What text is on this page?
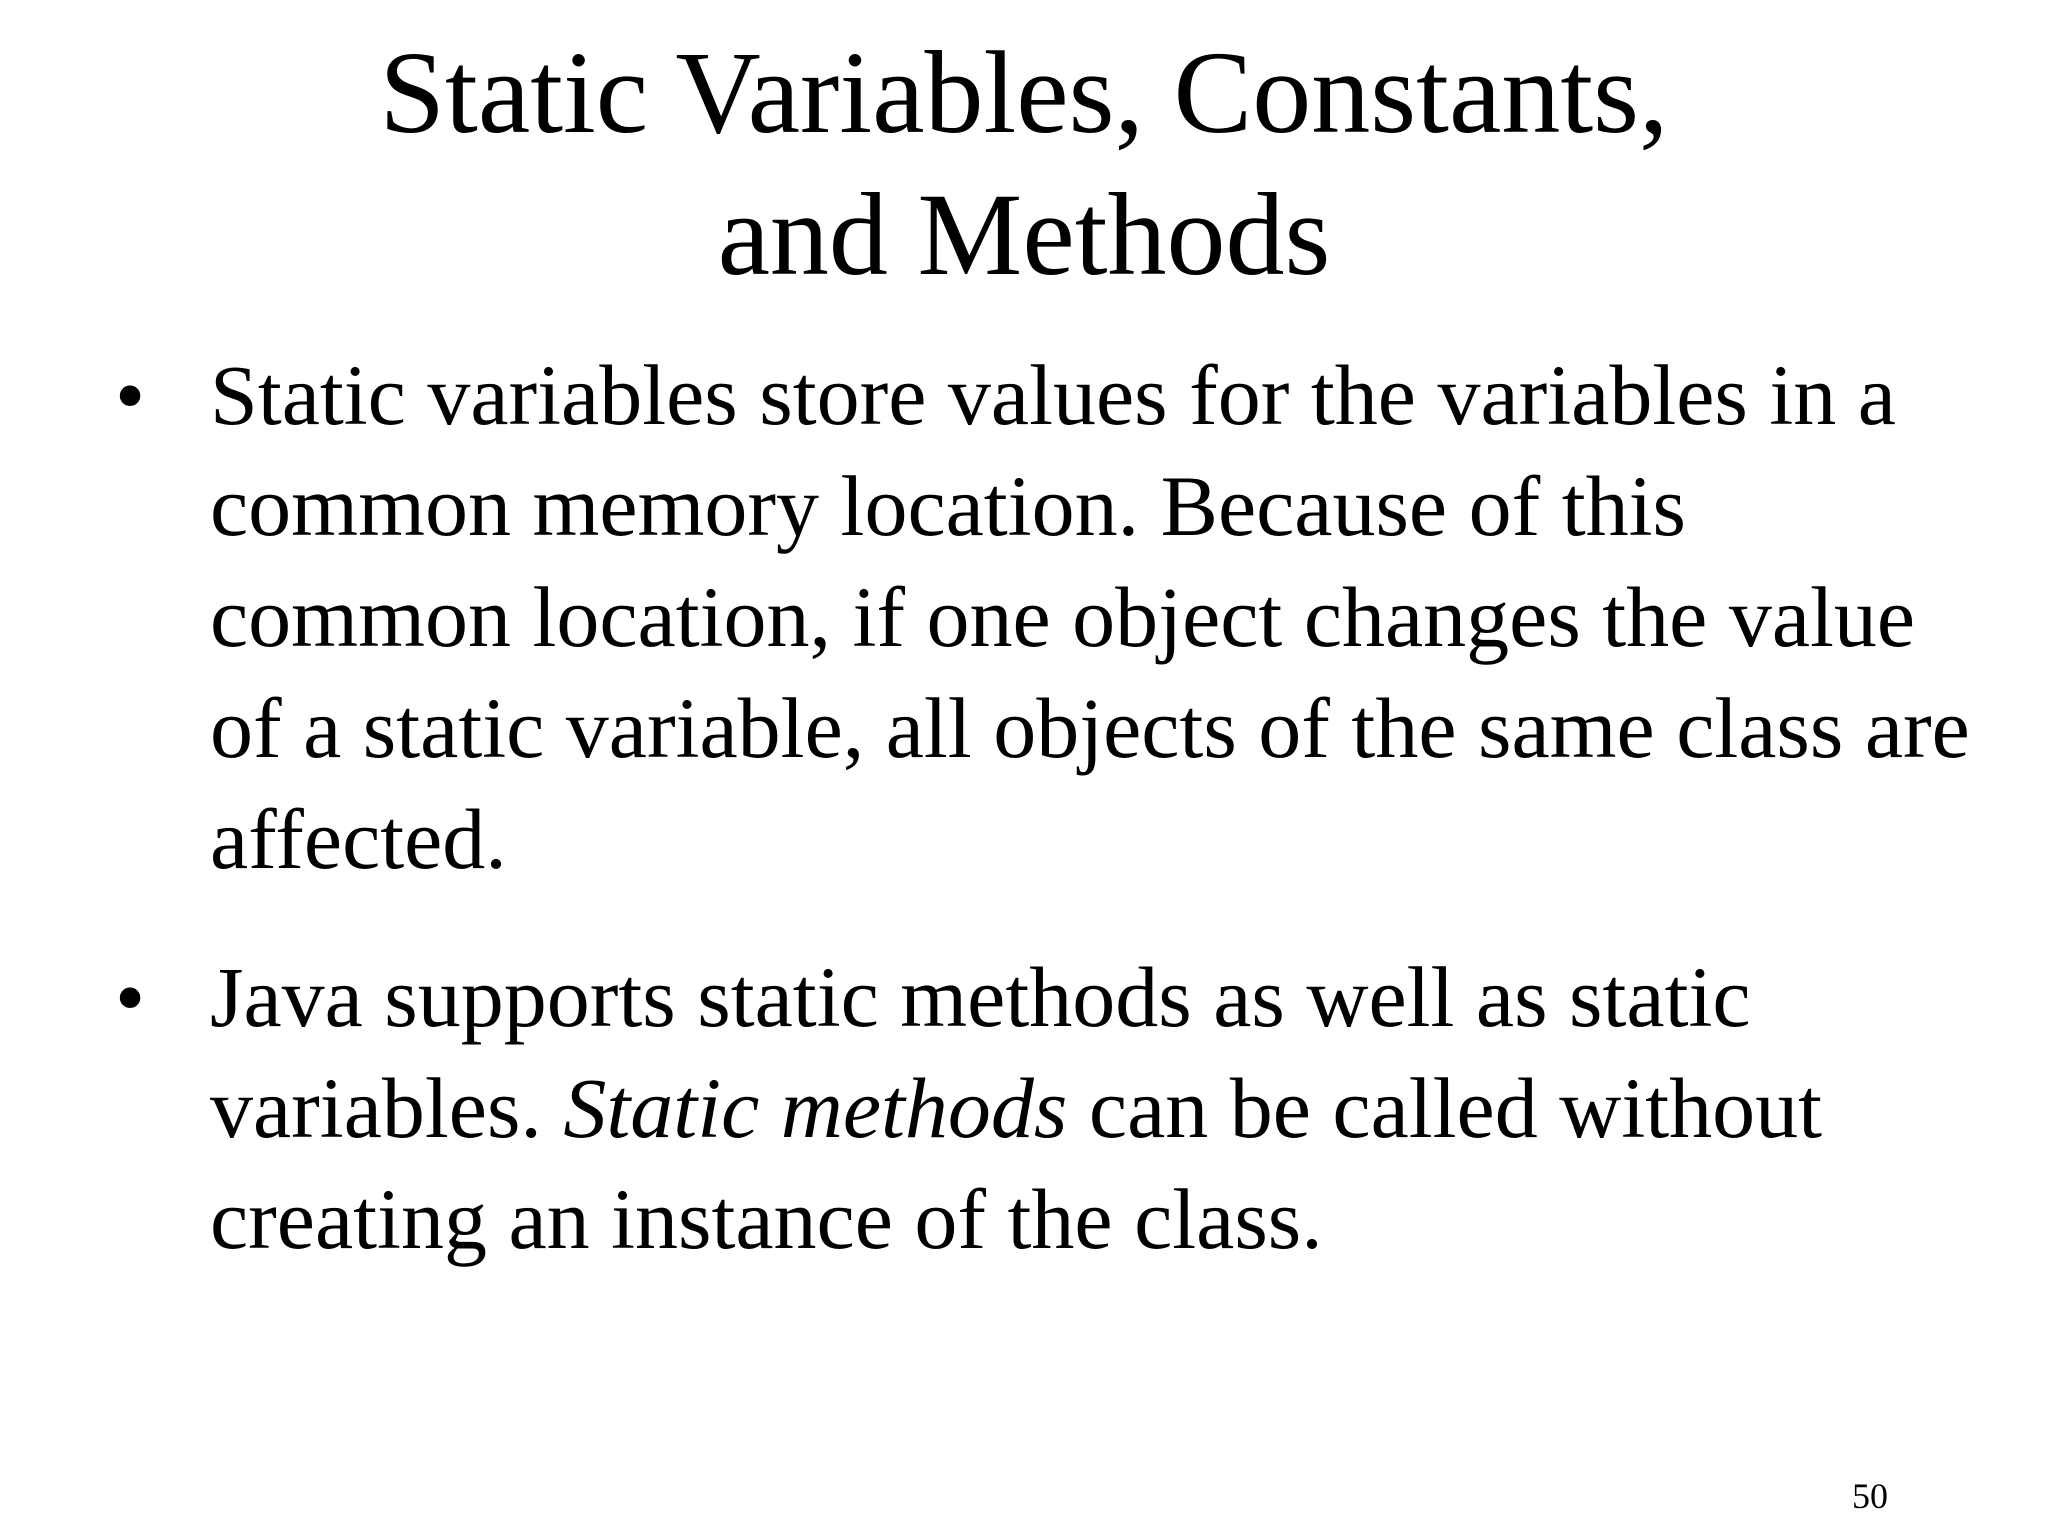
Static Variables, Constants,
and Methods
• Static variables store values for the variables in a common memory location. Because of this common location, if one object changes the value of a static variable, all objects of the same class are affected.
• Java supports static methods as well as static variables. Static methods can be called without creating an instance of the class.
50
